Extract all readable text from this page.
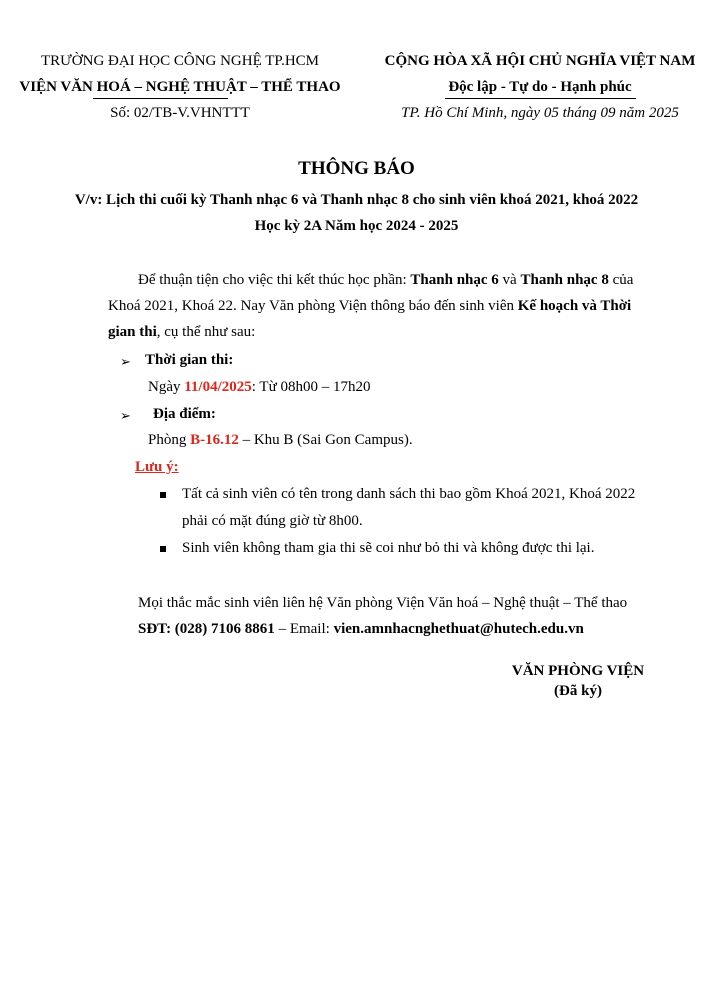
TRƯỜNG ĐẠI HỌC CÔNG NGHỆ TP.HCM
VIỆN VĂN HOÁ – NGHỆ THUẬT – THỂ THAO
Số: 02/TB-V.VHNTTT
CỘNG HÒA XÃ HỘI CHỦ NGHĨA VIỆT NAM
Độc lập - Tự do - Hạnh phúc
TP. Hồ Chí Minh, ngày 05 tháng 09 năm 2025
THÔNG BÁO
V/v: Lịch thi cuối kỳ Thanh nhạc 6 và Thanh nhạc 8 cho sinh viên khoá 2021, khoá 2022
Học kỳ 2A Năm học 2024 - 2025
Để thuận tiện cho việc thi kết thúc học phần: Thanh nhạc 6 và Thanh nhạc 8 của
Khoá 2021, Khoá 22. Nay Văn phòng Viện thông báo đến sinh viên Kế hoạch và Thời
gian thi, cụ thể như sau:
➢ Thời gian thi:
Ngày 11/04/2025: Từ 08h00 – 17h20
➢ Địa điểm:
Phòng B-16.12 – Khu B (Sai Gon Campus).
Lưu ý:
Tất cả sinh viên có tên trong danh sách thi bao gồm Khoá 2021, Khoá 2022
phải có mặt đúng giờ từ 8h00.
Sinh viên không tham gia thi sẽ coi như bỏ thi và không được thi lại.
Mọi thắc mắc sinh viên liên hệ Văn phòng Viện Văn hoá – Nghệ thuật – Thể thao
SĐT: (028) 7106 8861 – Email: vien.amnhacnghethuat@hutech.edu.vn
VĂN PHÒNG VIỆN
(Đã ký)
